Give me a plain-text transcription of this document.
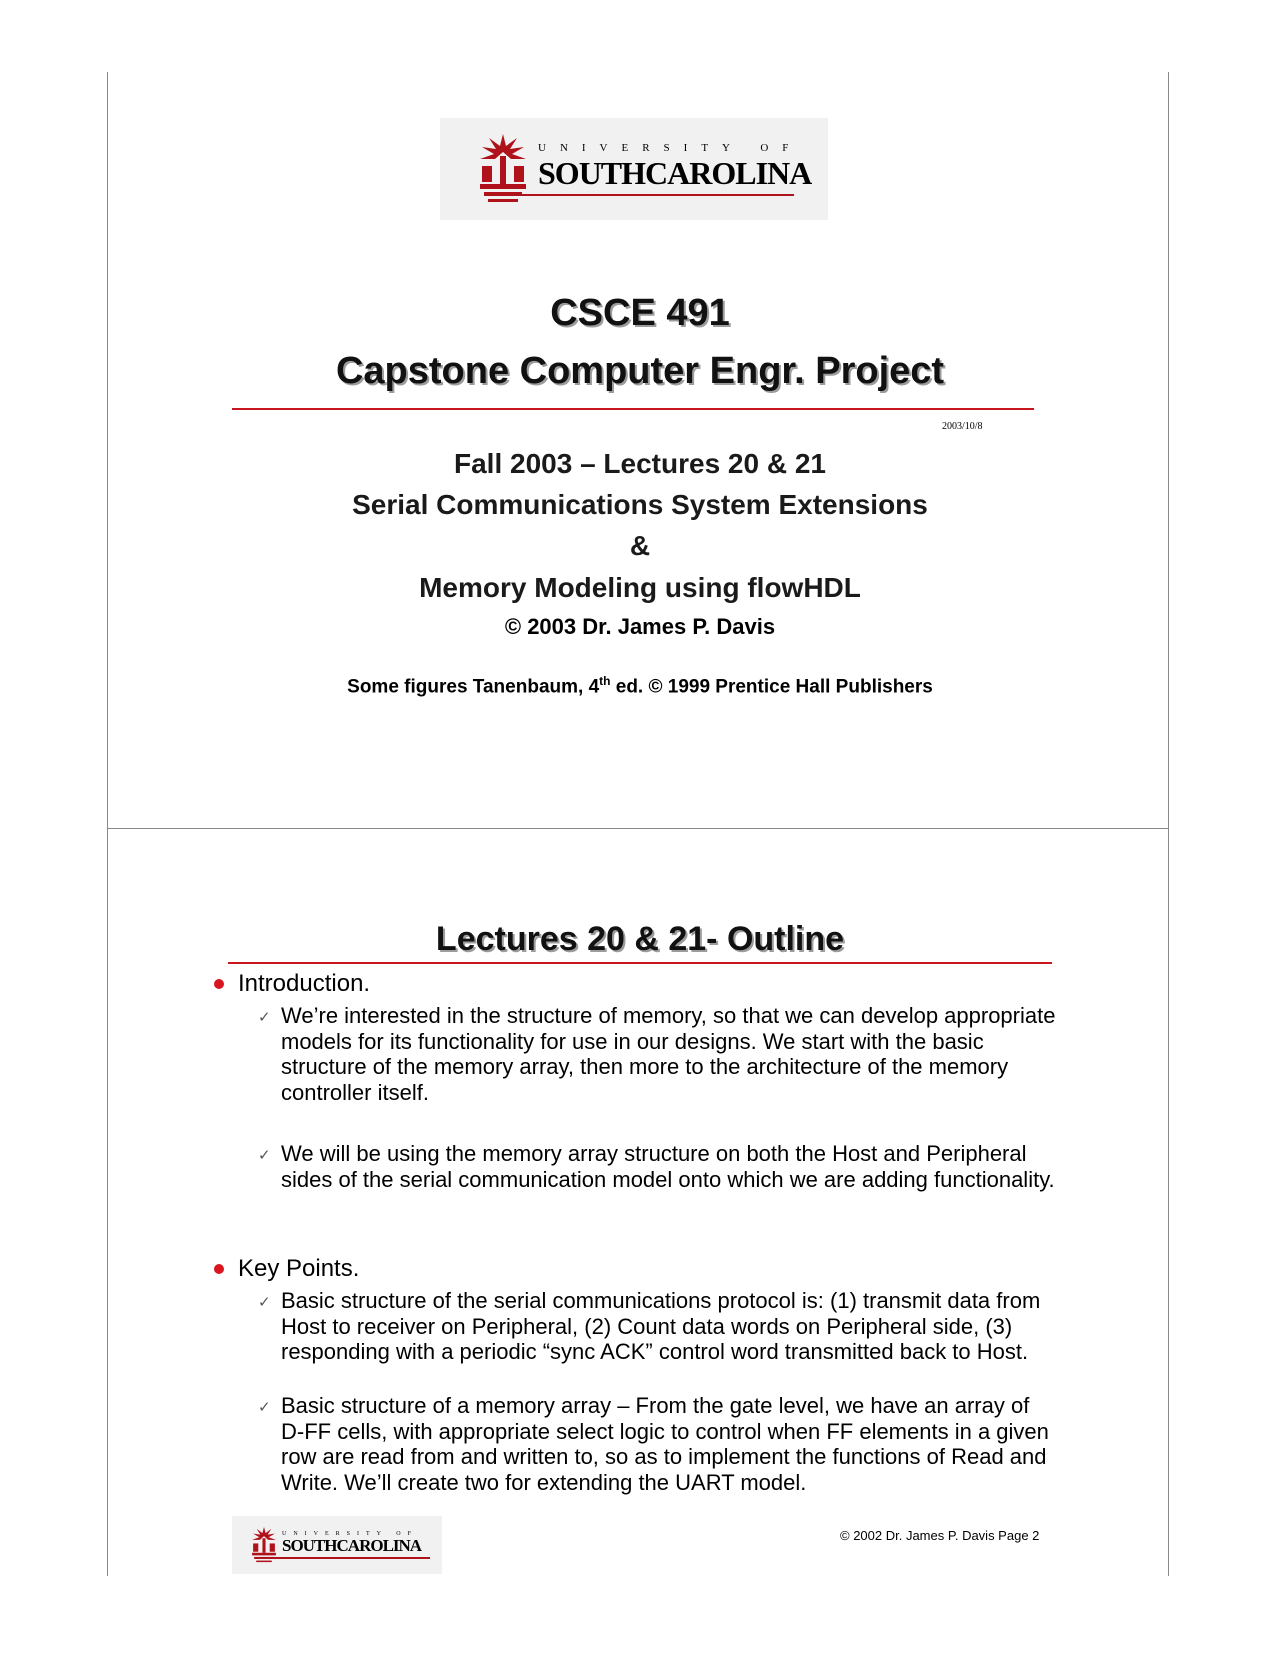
UNIVERSITY OF
SOUTHCAROLINA
CSCE 491
Capstone Computer Engr. Project
2003/10/8
Fall 2003 – Lectures 20 & 21
Serial Communications System Extensions
&
Memory Modeling using flowHDL
© 2003 Dr. James P. Davis
Some figures Tanenbaum, 4th ed. © 1999 Prentice Hall Publishers
Lectures 20 & 21- Outline
Introduction.
✓ We’re interested in the structure of memory, so that we can develop appropriate models for its functionality for use in our designs. We start with the basic structure of the memory array, then more to the architecture of the memory controller itself.
✓ We will be using the memory array structure on both the Host and Peripheral sides of the serial communication model onto which we are adding functionality.
Key Points.
✓ Basic structure of the serial communications protocol is: (1) transmit data from Host to receiver on Peripheral, (2) Count data words on Peripheral side, (3) responding with a periodic “sync ACK” control word transmitted back to Host.
✓ Basic structure of a memory array – From the gate level, we have an array of D-FF cells, with appropriate select logic to control when FF elements in a given row are read from and written to, so as to implement the functions of Read and Write. We’ll create two for extending the UART model.
UNIVERSITY OF
SOUTHCAROLINA
© 2002 Dr. James P. Davis Page 2
